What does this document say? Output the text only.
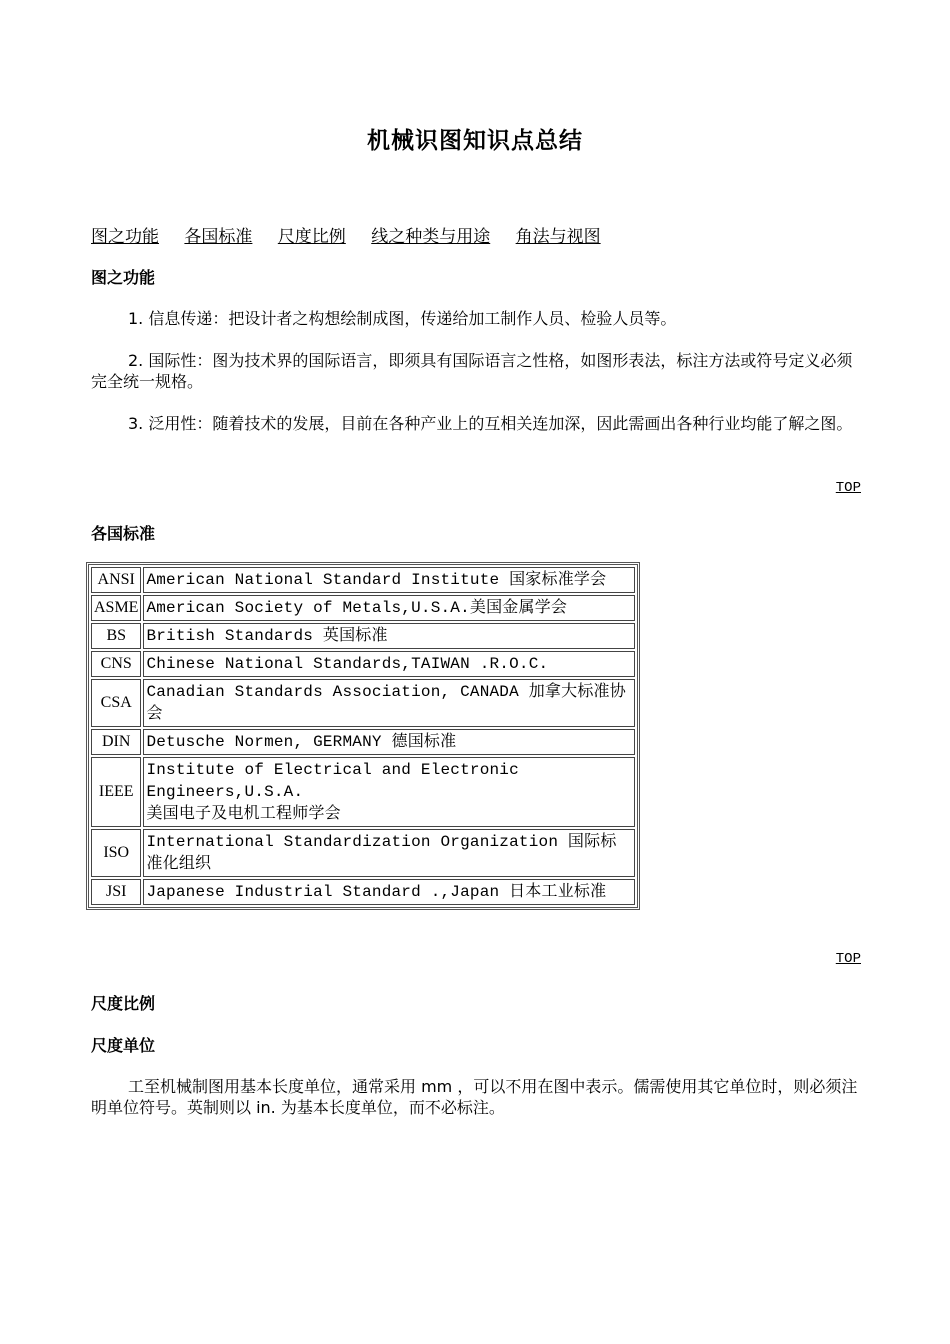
机械识图知识点总结
图之功能 各国标准 尺度比例 线之种类与用途 角法与视图
图之功能
1. 信息传递：把设计者之构想绘制成图，传递给加工制作人员、检验人员等。
2. 国际性：图为技术界的国际语言，即须具有国际语言之性格，如图形表法，标注方法或符号定义必须完全统一规格。
3. 泛用性：随着技术的发展，目前在各种产业上的互相关连加深，因此需画出各种行业均能了解之图。
TOP
各国标准
ANSI	American National Standard Institute 国家标准学会
ASME	American Society of Metals,U.S.A.美国金属学会
BS	British Standards 英国标准
CNS	Chinese National Standards,TAIWAN .R.O.C.
CSA	Canadian Standards Association, CANADA 加拿大标准协会
DIN	Detusche Normen, GERMANY 德国标准
IEEE	Institute of Electrical and Electronic Engineers,U.S.A.
美国电子及电机工程师学会
ISO	International Standardization Organization 国际标准化组织
JSI	Japanese Industrial Standard .,Japan 日本工业标准
TOP
尺度比例
尺度单位
工至机械制图用基本长度单位，通常采用 mm ，可以不用在图中表示。儒需使用其它单位时，则必须注明单位符号。英制则以 in. 为基本长度单位，而不必标注。
